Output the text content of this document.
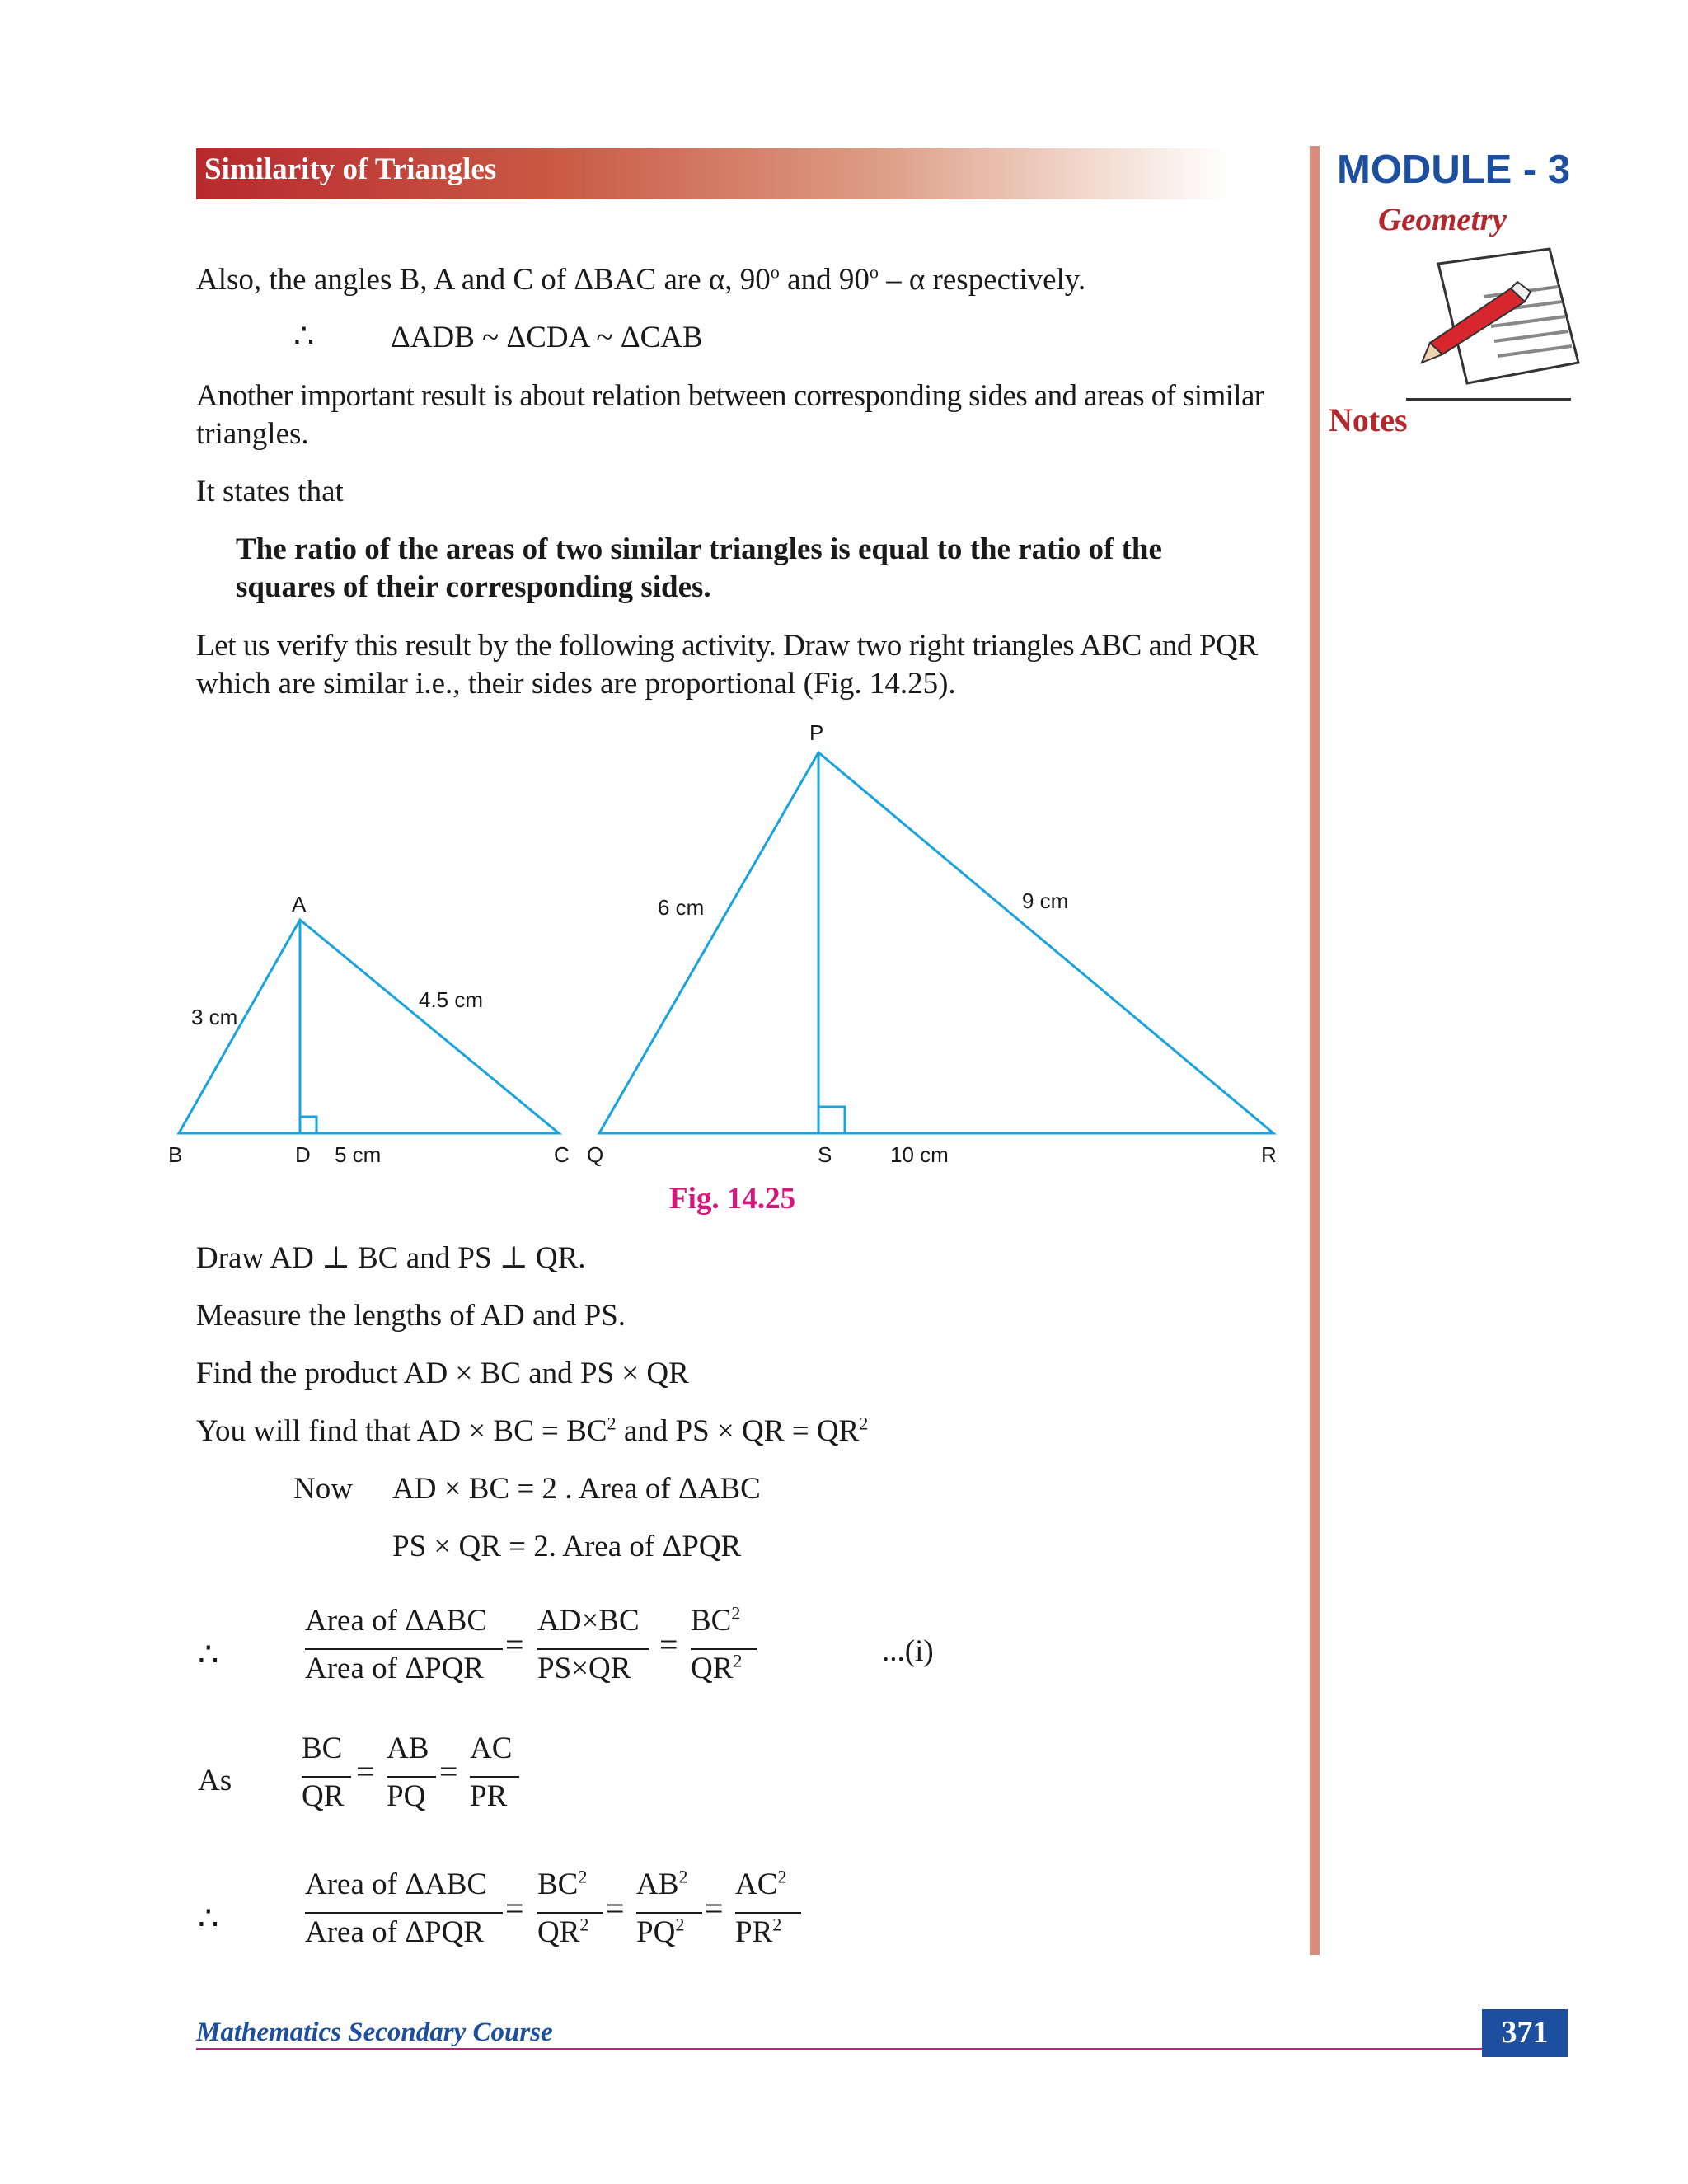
Similarity of Triangles	MODULE - 3
Geometry
Notes
Also, the angles B, A and C of ΔBAC are α, 90$^o$ and 90$^o$ – α respectively.
∴	ΔADB ~ ΔCDA ~ ΔCAB
Another important result is about relation between corresponding sides and areas of similar
triangles.
It states that
The ratio of the areas of two similar triangles is equal to the ratio of the
squares of their corresponding sides.
Let us verify this result by the following activity. Draw two right triangles ABC and PQR
which are similar i.e., their sides are proportional (Fig. 14.25).
A
B	C
D
3 cm
4.5 cm
5 cm
P
Q	R
S
6 cm	9 cm
10 cm
Fig. 14.25
Draw AD ⊥ BC and PS ⊥ QR.
Measure the lengths of AD and PS.
Find the product AD × BC and PS × QR
You will find that AD × BC = $BC^2$ and PS × QR = $QR^2$
Now AD × BC = 2 . Area of ΔABC
PS × QR = 2. Area of ΔPQR
∴
Area of ΔABC
Area of ΔPQR
=
AD×BC
PS×QR
=
$BC^2$
$QR^2$	...(i)
As
BC
QR
=
AB
PQ
=
AC
PR
∴
Area of ΔABC
Area of ΔPQR
=
$BC^2$
$QR^2$ =
$AB^2$
$PQ^2$ =
$AC^2$
$PR^2$
Mathematics Secondary Course	371
